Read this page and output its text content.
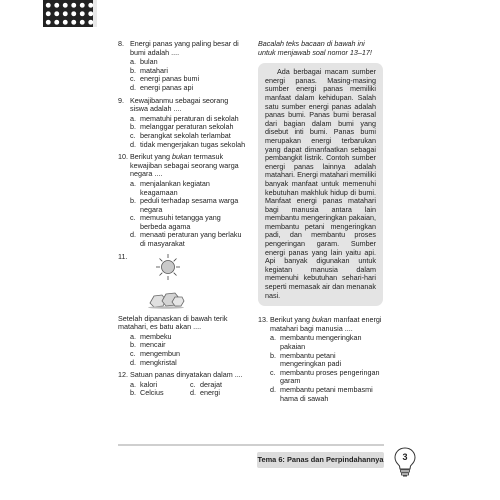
8. Energi panas yang paling besar di bumi adalah ....
a. bulan
b. matahari
c. energi panas bumi
d. energi panas api
9. Kewajibanmu sebagai seorang siswa adalah ....
a. mematuhi peraturan di sekolah
b. melanggar peraturan sekolah
c. berangkat sekolah terlambat
d. tidak mengerjakan tugas sekolah
10. Berikut yang bukan termasuk kewajiban sebagai seorang warga negara ....
a. menjalankan kegiatan keagamaan
b. peduli terhadap sesama warga negara
c. memusuhi tetangga yang berbeda agama
d. menaati peraturan yang berlaku di masyarakat
11.
Setelah dipanaskan di bawah terik matahari, es batu akan ....
a. membeku
b. mencair
c. mengembun
d. mengkristal
12. Satuan panas dinyatakan dalam ....
a. kalori	c. derajat
b. Celcius	d. energi
Bacalah teks bacaan di bawah ini untuk menjawab soal nomor 13–17!

Ada berbagai macam sumber energi panas. Masing-masing sumber energi panas memiliki manfaat dalam kehidupan. Salah satu sumber energi panas adalah panas bumi. Panas bumi berasal dari bagian dalam bumi yang disebut inti bumi. Panas bumi merupakan energi terbarukan yang dapat dimanfaatkan sebagai pembangkit listrik. Contoh sumber energi panas lainnya adalah matahari. Energi matahari memiliki banyak manfaat untuk memenuhi kebutuhan makhluk hidup di bumi. Manfaat energi panas matahari bagi manusia antara lain membantu mengeringkan pakaian, membantu petani mengeringkan padi, dan membantu proses pengeringan garam. Sumber energi panas yang lain yaitu api. Api banyak digunakan untuk kegiatan manusia dalam memenuhi kebutuhan sehari-hari seperti memasak air dan menanak nasi.

13. Berikut yang bukan manfaat energi matahari bagi manusia ....
a. membantu mengeringkan pakaian
b. membantu petani mengeringkan padi
c. membantu proses pengeringan garam
d. membantu petani membasmi hama di sawah
Tema 6: Panas dan Perpindahannya	3
